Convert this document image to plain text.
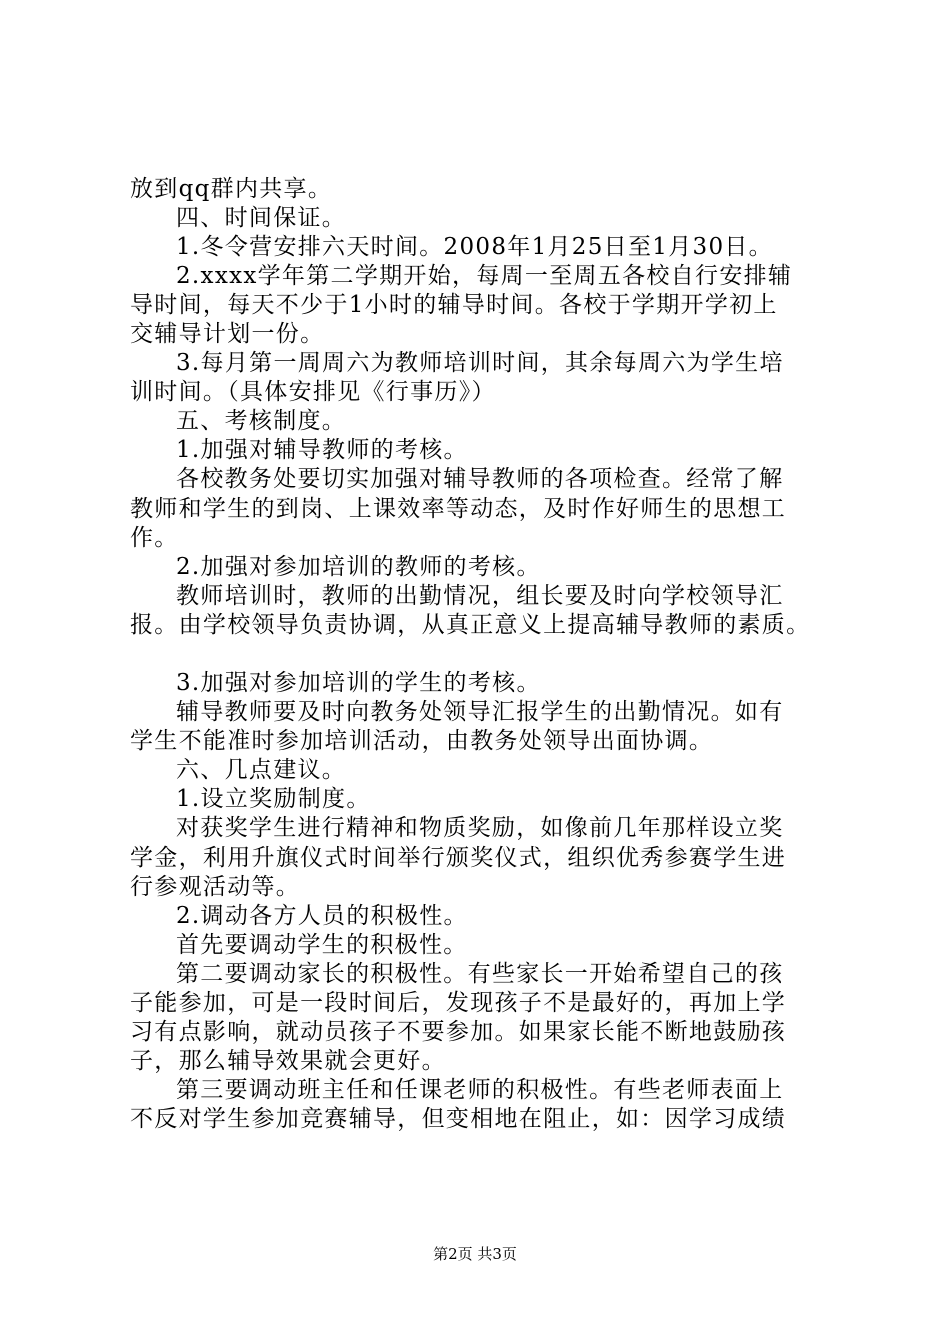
放到qq群内共享。
四、时间保证。
1.冬令营安排六天时间。2008年1月25日至1月30日。
2.xxxx学年第二学期开始，每周一至周五各校自行安排辅
导时间，每天不少于1小时的辅导时间。各校于学期开学初上
交辅导计划一份。
3.每月第一周周六为教师培训时间，其余每周六为学生培
训时间。（具体安排见《行事历》）
五、考核制度。
1.加强对辅导教师的考核。
各校教务处要切实加强对辅导教师的各项检查。经常了解
教师和学生的到岗、上课效率等动态，及时作好师生的思想工
作。
2.加强对参加培训的教师的考核。
教师培训时，教师的出勤情况，组长要及时向学校领导汇
报。由学校领导负责协调，从真正意义上提高辅导教师的素质。
3.加强对参加培训的学生的考核。
辅导教师要及时向教务处领导汇报学生的出勤情况。如有
学生不能准时参加培训活动，由教务处领导出面协调。
六、几点建议。
1.设立奖励制度。
对获奖学生进行精神和物质奖励，如像前几年那样设立奖
学金，利用升旗仪式时间举行颁奖仪式，组织优秀参赛学生进
行参观活动等。
2.调动各方人员的积极性。
首先要调动学生的积极性。
第二要调动家长的积极性。有些家长一开始希望自己的孩
子能参加，可是一段时间后，发现孩子不是最好的，再加上学
习有点影响，就动员孩子不要参加。如果家长能不断地鼓励孩
子，那么辅导效果就会更好。
第三要调动班主任和任课老师的积极性。有些老师表面上
不反对学生参加竞赛辅导，但变相地在阻止，如：因学习成绩
第2页 共3页
